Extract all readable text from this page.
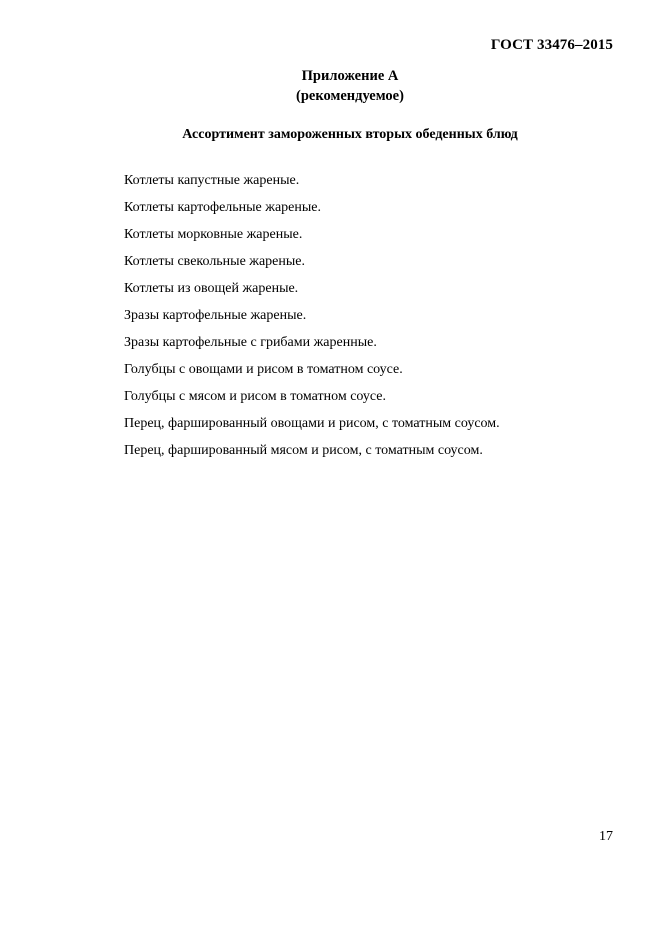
ГОСТ 33476–2015
Приложение А
(рекомендуемое)
Ассортимент замороженных вторых обеденных блюд
Котлеты капустные жареные.
Котлеты картофельные жареные.
Котлеты морковные жареные.
Котлеты свекольные жареные.
Котлеты из овощей жареные.
Зразы картофельные жареные.
Зразы картофельные с грибами жаренные.
Голубцы с овощами и рисом в томатном соусе.
Голубцы с мясом и рисом в томатном соусе.
Перец, фаршированный овощами и рисом, с томатным соусом.
Перец, фаршированный мясом и рисом, с томатным соусом.
17
